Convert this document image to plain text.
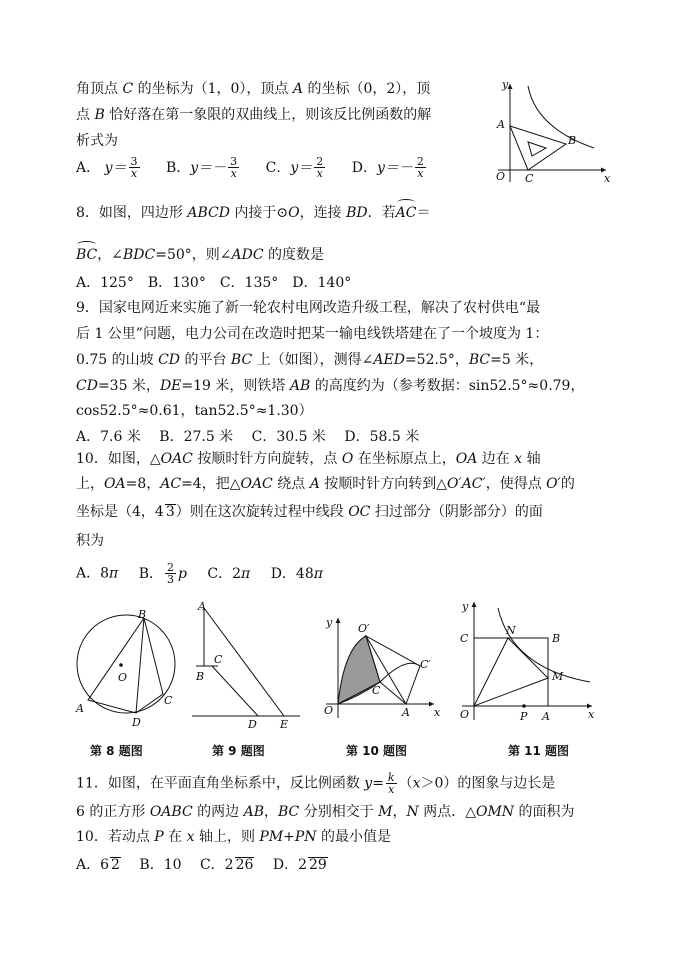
角顶点 C 的坐标为（1，0），顶点 A 的坐标（0，2），顶
点 B 恰好落在第一象限的双曲线上，则该反比例函数的解
析式为
A． $y= \frac{3}{x}$ B．$y=- \frac{3}{x}$ C．$y= \frac{2}{x}$ D．$y=- \frac{2}{x}$
y
x
O
A
B
C
8．如图，四边形 ABCD 内接于⊙O，连接 BD．若AC＝
BC，∠BDC=50°，则∠ADC 的度数是
A．125°　B．130°　C．135°　D．140°
9．国家电网近来实施了新一轮农村电网改造升级工程，解决了农村供电“最
后 1 公里”问题，电力公司在改造时把某一输电线铁塔建在了一个坡度为 1：
0.75 的山坡 CD 的平台 BC 上（如图），测得∠AED=52.5°，BC=5 米，
CD=35 米，DE=19 米，则铁塔 AB 的高度约为（参考数据：sin52.5°≈0.79，
cos52.5°≈0.61，tan52.5°≈1.30）
A．7.6 米　 B．27.5 米　 C．30.5 米　 D．58.5 米
10．如图，△OAC 按顺时针方向旋转，点 O 在坐标原点上，OA 边在 x 轴
上，OA=8，AC=4，把△OAC 绕点 A 按顺时针方向转到△O′AC′，使得点 O′的
坐标是（4，4 3）则在这次旋转过程中线段 OC 扫过部分（阴影部分）的面
积为
A．8π B． $\frac{2}{3}$ p C．2π D．48π
B
C
D
A
O
第 8 题图
A
B
C
D E
第 9 题图
y
x
O	A
C
O′
C′
第 10 题图
y
x
O
C	B
N
M
P A
第 11 题图
11．如图，在平面直角坐标系中，反比例函数 $y= \frac{k}{x} (x>0)$的图象与边长是
6 的正方形 OABC 的两边 AB，BC 分别相交于 M，N 两点．△OMN 的面积为
10．若动点 P 在 x 轴上，则 PM+PN 的最小值是
A．6 2 B．10 C．2 26 D．2 29
